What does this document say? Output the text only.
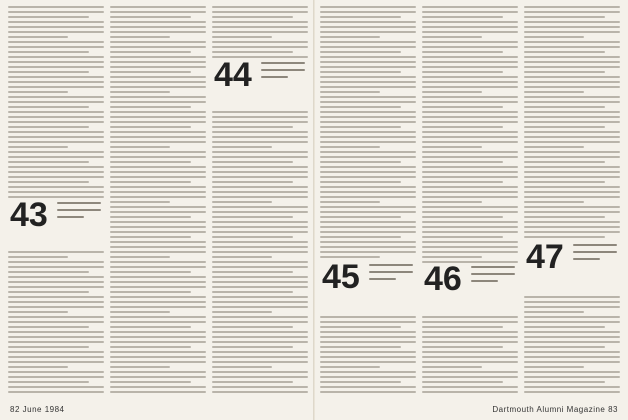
43
44
45	46
47
82 June 1984	Dartmouth Alumni Magazine 83
